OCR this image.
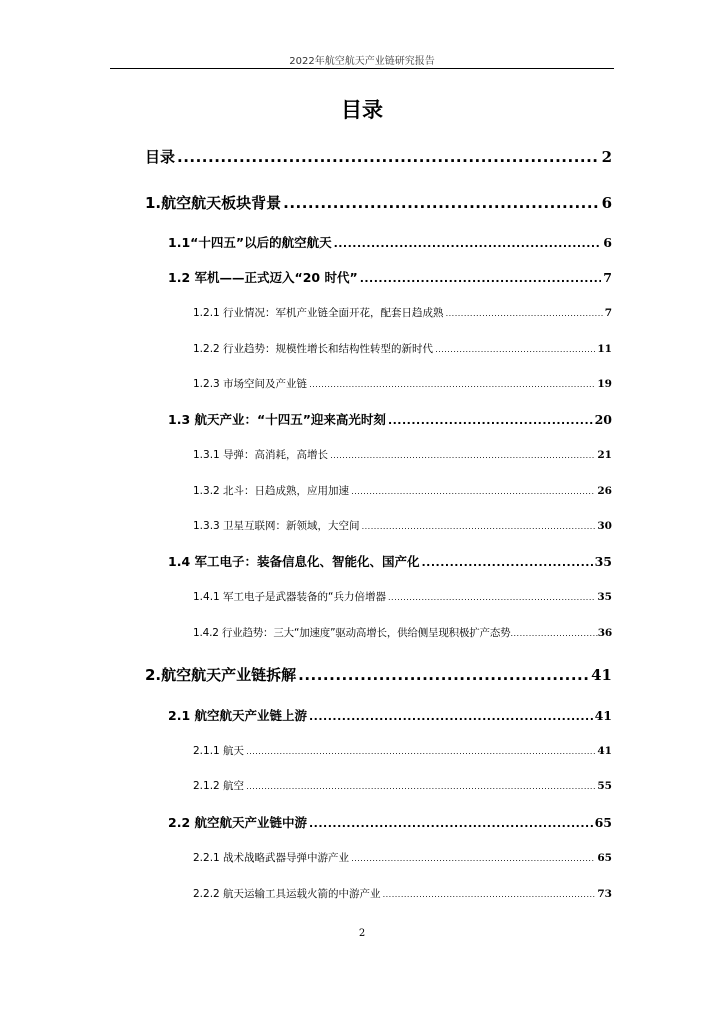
2022年航空航天产业链研究报告
目录
目录 .....	2
1.航空航天板块背景 .....	6
1.1“十四五”以后的航空航天 .....	6
1.2 军机——正式迈入“20 时代” .....	7
1.2.1 行业情况：军机产业链全面开花，配套日趋成熟 .....	7
1.2.2 行业趋势：规模性增长和结构性转型的新时代 .....	11
1.2.3 市场空间及产业链 .....	19
1.3 航天产业：“十四五”迎来高光时刻 .....	20
1.3.1 导弹：高消耗，高增长 .....	21
1.3.2 北斗：日趋成熟，应用加速 .....	26
1.3.3 卫星互联网：新领域，大空间 .....	30
1.4 军工电子：装备信息化、智能化、国产化 .....	35
1.4.1 军工电子是武器装备的“兵力倍增器 .....	35
1.4.2 行业趋势：三大“加速度”驱动高增长，供给侧呈现积极扩产态势 .....	36
2.航空航天产业链拆解 .....	41
2.1 航空航天产业链上游 .....	41
2.1.1 航天 .....	41
2.1.2 航空 .....	55
2.2 航空航天产业链中游 .....	65
2.2.1 战术战略武器导弹中游产业 .....	65
2.2.2 航天运输工具运载火箭的中游产业 .....	73
2
